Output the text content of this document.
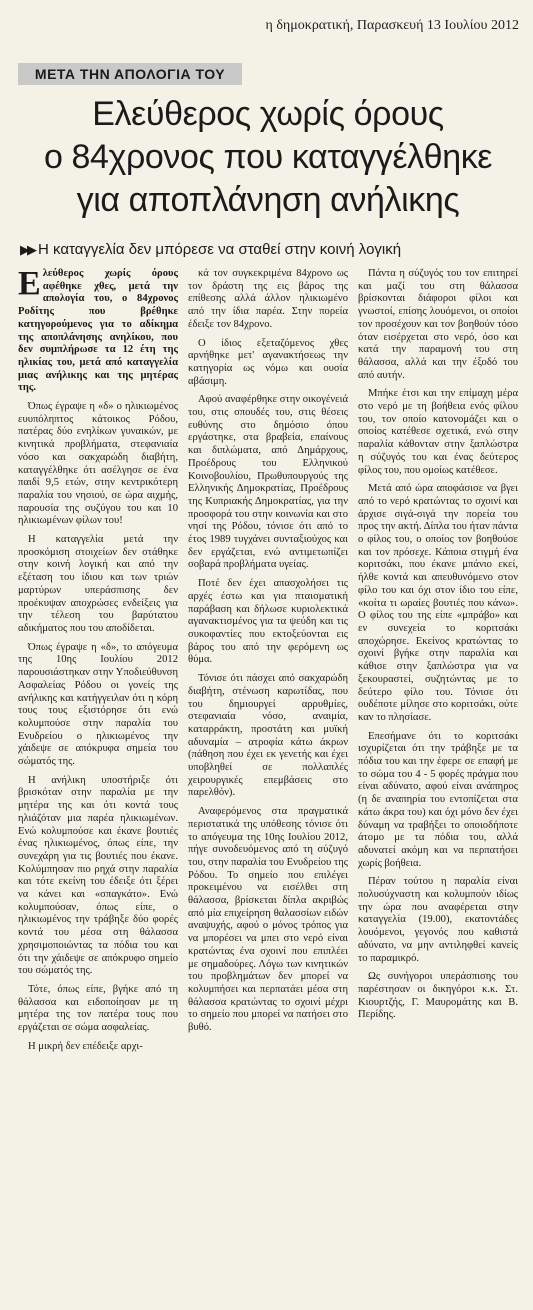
η δημοκρατική, Παρασκευή 13 Ιουλίου 2012
ΜΕΤΑ ΤΗΝ ΑΠΟΛΟΓΙΑ ΤΟΥ
Ελεύθερος χωρίς όρους
ο 84χρονος που καταγγέλθηκε
για αποπλάνηση ανήλικης
▶▶ Η καταγγελία δεν μπόρεσε να σταθεί στην κοινή λογική

Ελεύθερος χωρίς όρους αφέθηκε χθες, μετά την απολογία του, ο 84χρονος Ροδίτης που βρέθηκε κατηγορούμενος για το αδίκημα της αποπλάνησης ανηλίκου, που δεν συμπλήρωσε τα 12 έτη της ηλικίας του, μετά από καταγγελία μιας ανήλικης και της μητέρας της.

Όπως έγραψε η «δ» ο ηλικιωμένος ευυπόληπτος κάτοικος Ρόδου, πατέρας δύο ενηλίκων γυναικών, με κινητικά προβλήματα, στεφανιαία νόσο και σακχαρώδη διαβήτη, καταγγέλθηκε ότι ασέλγησε σε ένα παιδί 9,5 ετών, στην κεντρικότερη παραλία του νησιού, σε ώρα αιχμής, παρουσία της συζύγου του και 10 ηλικιωμένων φίλων του!

Η καταγγελία μετά την προσκόμιση στοιχείων δεν στάθηκε στην κοινή λογική και από την εξέταση του ίδιου και των τριών μαρτύρων υπεράσπισης δεν προέκυψαν αποχρώσες ενδείξεις για την τέλεση του βαρύτατου αδικήματος που του αποδίδεται.

Όπως έγραψε η «δ», το απόγευμα της 10ης Ιουλίου 2012 παρουσιάστηκαν στην Υποδιεύθυνση Ασφαλείας Ρόδου οι γονείς της ανήλικης και κατήγγειλαν ότι η κόρη τους τους εξιστόρησε ότι ενώ κολυμπούσε στην παραλία του Ενυδρείου ο ηλικιωμένος την χάιδεψε σε απόκρυφα σημεία του σώματός της.

Η ανήλικη υποστήριξε ότι βρισκόταν στην παραλία με την μητέρα της και ότι κοντά τους ηλιάζόταν μια παρέα ηλικιωμένων. Ενώ κολυμπούσε και έκανε βουτιές ένας ηλικιωμένος, όπως είπε, την συνεχάρη για τις βουτιές που έκανε. Κολύμπησαν πιο ρηχά στην παραλία και τότε εκείνη του έδειξε ότι ξέρει να κάνει και «σπαγκάτο». Ενώ κολυμπούσαν, όπως είπε, ο ηλικιωμένος την τράβηξε δύο φορές κοντά του μέσα στη θάλασσα χρησιμοποιώντας τα πόδια του και ότι την χάιδεψε σε απόκρυφο σημείο του σώματός της.

Τότε, όπως είπε, βγήκε από τη θάλασσα και ειδοποίησαν με τη μητέρα της τον πατέρα τους που εργάζεται σε σώμα ασφαλείας.

Η μικρή δεν επέδειξε αρχι-

κά τον συγκεκριμένα 84χρονο ως τον δράστη της εις βάρος της επίθεσης αλλά άλλον ηλικιωμένο από την ίδια παρέα. Στην πορεία έδειξε τον 84χρονο.

Ο ίδιος εξεταζόμενος χθες αρνήθηκε μετ' αγανακτήσεως την κατηγορία ως νόμω και ουσία αβάσιμη.

Αφού αναφέρθηκε στην οικογένειά του, στις σπουδές του, στις θέσεις ευθύνης στο δημόσιο όπου εργάστηκε, στα βραβεία, επαίνους και διπλώματα, από Δημάρχους, Προέδρους του Ελληνικού Κοινοβουλίου, Πρωθυπουργούς της Ελληνικής Δημοκρατίας, Προέδρους της Κυπριακής Δημοκρατίας, για την προσφορά του στην κοινωνία και στο νησί της Ρόδου, τόνισε ότι από το έτος 1989 τυγχάνει συνταξιούχος και δεν εργάζεται, ενώ αντιμετωπίζει σοβαρά προβλήματα υγείας.

Ποτέ δεν έχει απασχολήσει τις αρχές έστω και για πταισματική παράβαση και δήλωσε κυριολεκτικά αγανακτισμένος για τα ψεύδη και τις συκοφαντίες που εκτοξεύονται εις βάρος του από την φερόμενη ως θύμα.

Τόνισε ότι πάσχει από σακχαρώδη διαβήτη, στένωση καρωτίδας, που του δημιουργεί αρρυθμίες, στεφανιαία νόσο, αναιμία, καταρράκτη, προστάτη και μυϊκή αδυναμία – ατροφία κάτω άκρων (πάθηση που έχει εκ γενετής και έχει υποβληθεί σε πολλαπλές χειρουργικές επεμβάσεις στο παρελθόν).

Αναφερόμενος στα πραγματικά περιστατικά της υπόθεσης τόνισε ότι το απόγευμα της 10ης Ιουλίου 2012, πήγε συνοδευόμενος από τη σύζυγό του, στην παραλία του Ενυδρείου της Ρόδου. Το σημείο που επιλέγει προκειμένου να εισέλθει στη θάλασσα, βρίσκεται δίπλα ακριβώς από μία επιχείρηση θαλασσίων ειδών αναψυχής, αφού ο μόνος τρόπος για να μπορέσει να μπει στο νερό είναι κρατώντας ένα σχοινί που επιπλέει με σημαδούρες. Λόγω των κινητικών του προβλημάτων δεν μπορεί να κολυμπήσει και περπατάει μέσα στη θάλασσα κρατώντας το σχοινί μέχρι το σημείο που μπορεί να πατήσει στο βυθό.

Πάντα η σύζυγός του τον επιτηρεί και μαζί του στη θάλασσα βρίσκονται διάφοροι φίλοι και γνωστοί, επίσης λουόμενοι, οι οποίοι τον προσέχουν και τον βοηθούν τόσο όταν εισέρχεται στο νερό, όσο και κατά την παραμονή του στη θάλασσα, αλλά και την έξοδό του από αυτήν.

Μπήκε έτσι και την επίμαχη μέρα στο νερό με τη βοήθεια ενός φίλου του, τον οποίο κατονομάζει και ο οποίος κατέθεσε σχετικά, ενώ στην παραλία κάθονταν στην ξαπλώστρα η σύζυγός του και ένας δεύτερος φίλος του, που ομοίως κατέθεσε.

Μετά από ώρα αποφάσισε να βγει από το νερό κρατώντας το σχοινί και άρχισε σιγά-σιγά την πορεία του προς την ακτή. Δίπλα του ήταν πάντα ο φίλος του, ο οποίος τον βοηθούσε και τον πρόσεχε. Κάποια στιγμή ένα κοριτσάκι, που έκανε μπάνιο εκεί, ήλθε κοντά και απευθυνόμενο στον φίλο του και όχι στον ίδιο του είπε, «κοίτα τι ωραίες βουτιές που κάνω». Ο φίλος του της είπε «μπράβο» και εν συνεχεία το κοριτσάκι αποχώρησε. Εκείνος κρατώντας το σχοινί βγήκε στην παραλία και κάθισε στην ξαπλώστρα για να ξεκουραστεί, συζητώντας με το δεύτερο φίλο του. Τόνισε ότι ουδέποτε μίλησε στο κοριτσάκι, ούτε καν το πλησίασε.

Επεσήμανε ότι το κοριτσάκι ισχυρίζεται ότι την τράβηξε με τα πόδια του και την έφερε σε επαφή με το σώμα του 4 - 5 φορές πράγμα που είναι αδύνατο, αφού είναι ανάπηρος (η δε αναπηρία του εντοπίζεται στα κάτω άκρα του) και όχι μόνο δεν έχει δύναμη να τραβήξει το οποιοδήποτε άτομο με τα πόδια του, αλλά αδυνατεί ακόμη και να περπατήσει χωρίς βοήθεια.

Πέραν τούτου η παραλία είναι πολυσύχναστη και κολυμπούν ιδίως την ώρα που αναφέρεται στην καταγγελία (19.00), εκατοντάδες λουόμενοι, γεγονός που καθιστά αδύνατο, να μην αντιληφθεί κανείς το παραμικρό.

Ως συνήγοροι υπεράσπισης του παρέστησαν οι δικηγόροι κ.κ. Στ. Κιουρτζής, Γ. Μαυρομάτης και Β. Περίδης.
